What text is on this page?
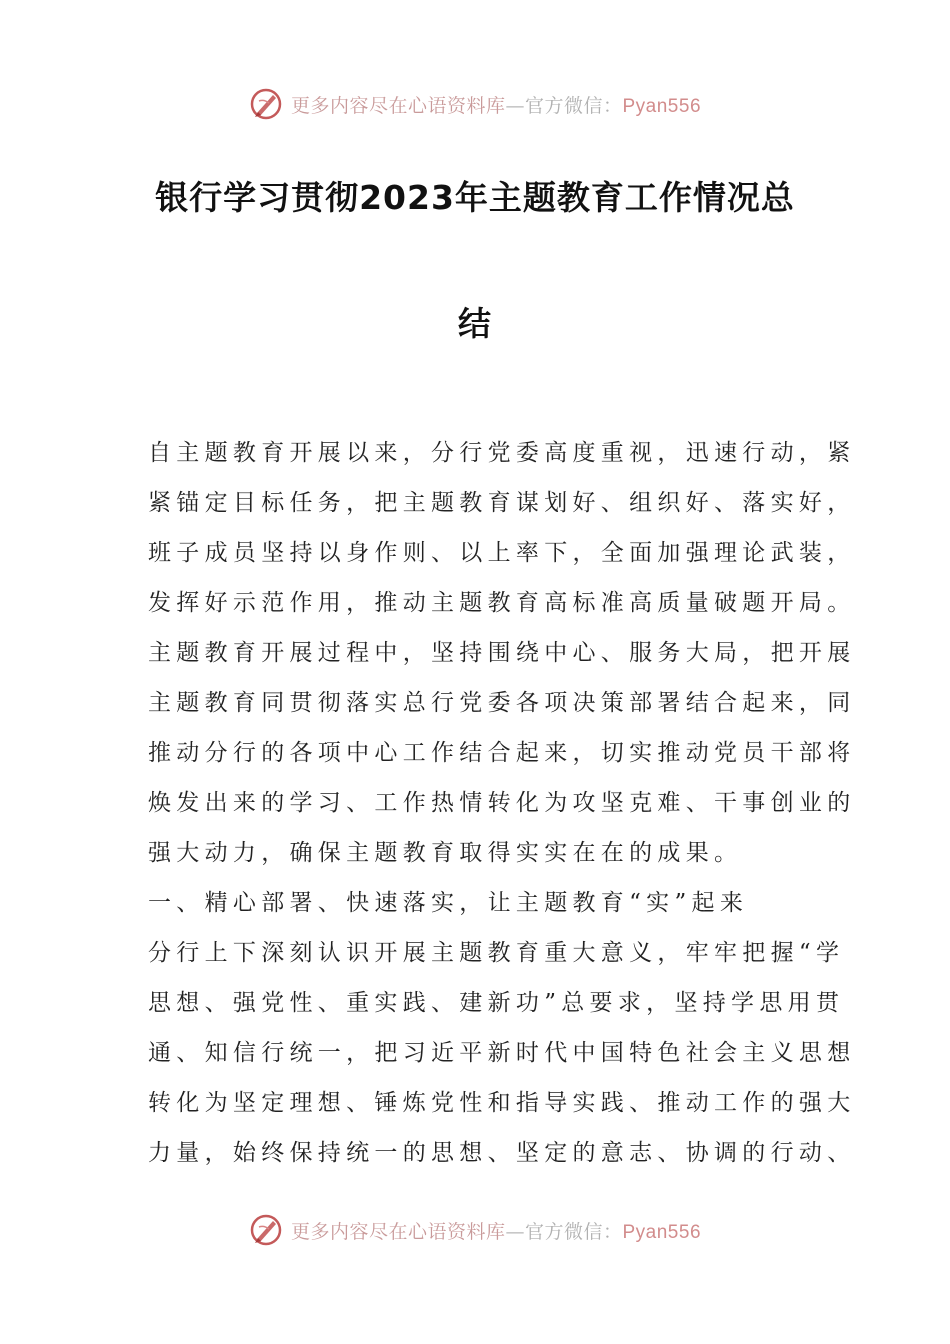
更多内容尽在心语资料库—官方微信：Pyan556
银行学习贯彻2023年主题教育工作情况总
结
自主题教育开展以来，分行党委高度重视，迅速行动，紧
紧锚定目标任务，把主题教育谋划好、组织好、落实好，
班子成员坚持以身作则、以上率下，全面加强理论武装，
发挥好示范作用，推动主题教育高标准高质量破题开局。
主题教育开展过程中，坚持围绕中心、服务大局，把开展
主题教育同贯彻落实总行党委各项决策部署结合起来，同
推动分行的各项中心工作结合起来，切实推动党员干部将
焕发出来的学习、工作热情转化为攻坚克难、干事创业的
强大动力，确保主题教育取得实实在在的成果。
一、精心部署、快速落实，让主题教育“实”起来
分行上下深刻认识开展主题教育重大意义，牢牢把握“学
思想、强党性、重实践、建新功”总要求，坚持学思用贯
通、知信行统一，把习近平新时代中国特色社会主义思想
转化为坚定理想、锤炼党性和指导实践、推动工作的强大
力量，始终保持统一的思想、坚定的意志、协调的行动、
更多内容尽在心语资料库—官方微信：Pyan556
